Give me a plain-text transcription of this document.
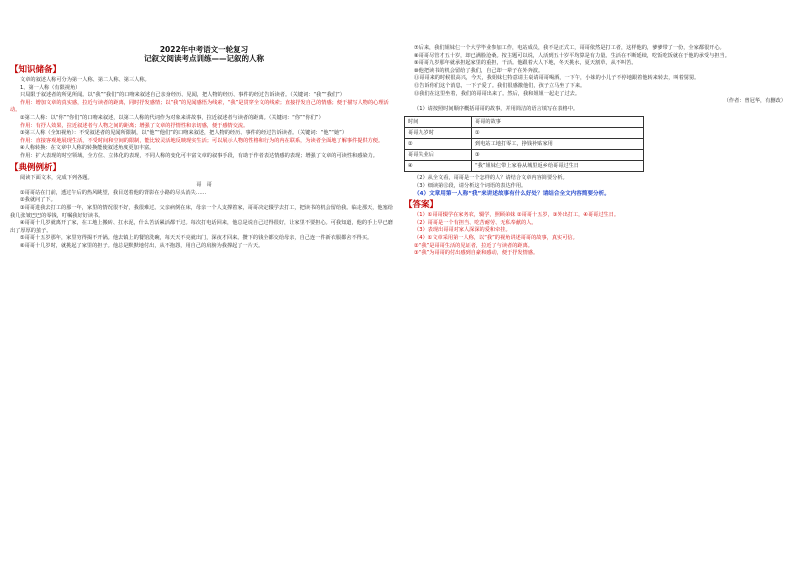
2022年中考语文一轮复习
记叙文阅读考点训练——记叙的人称
【知识储备】

文章的叙述人称可分为第一人称、第二人称、第三人称。

1、第一人称（有限视角）

只局限于叙述者的所见所闻。以“我”“我们”的口吻来叙述自己亲身经历、见闻，把人物的经历、事件的经过告诉读者。（关键词：“我”“我们”）

作用：增加文章的真实感，拉近与读者的距离，同时抒发感情；以“我”的见闻感悟为线索，“我”是贯穿全文的线索；直接抒发自己的情感；便于描写人物的心理活动。

②第二人称：以“你”“你们”的口吻来叙述，以第二人称的代词作为对象来讲故事，拉近叙述者与读者的距离。（关键词：“你”“你们”）

作用：有抒人效果，拉近叙述者与人物之间的距离；增强了文章的抒情性和亲切感，便于感情交流。

③第三人称（全知视角）：不受叙述者的见闻所限制，以“他”“他们”的口吻来叙述，把人物的经历、事件的经过告诉读者。（关键词：“他”“她”）

作用：直接客观地展现生活，不受时间和空间的限制，能比较灵活地反映现实生活；可以展示人物的性格和行为的内在联系，为读者全面地了解事件提供方便。

④人称转换：在文章中人称的转换能使叙述角度更加丰富。

作用：扩大表现的时空领域，全方位、立体化的表现，不同人称的变化可丰富文章的叙事手段，有助于作者表达情感的表现；增强了文章的可读性和感染力。

【典例例析】

阅读下面文本，完成下列各题。

哥　哥

①哥哥站在门前，透过午后的热风眺望，我目送着他的背影在小路的尽头消失……

②我就问了下。

③哥哥进我去打工的那一年，家里的情况很不好，我很难过。父亲病倒在床，母亲一个人支撑着家，哥哥决定辍学去打工，把读书的机会留给我。临走那天，他塞给我几张皱巴巴的零钱，叮嘱我好好读书。

④哥哥十几岁就离开了家，在工地上搬砖、扛水泥，什么苦活累活都干过。每次打电话回来，他总是说自己过得很好，让家里不要担心。可我知道，他的手上早已磨出了厚厚的茧子。

⑤哥哥十五岁那年，家里穷得揭不开锅。他去镇上的餐馆洗碗，每天天不亮就出门，深夜才回来。攒下的钱全都交给母亲，自己连一件新衣服都舍不得买。

⑥哥哥十几岁时，就挑起了家里的担子。他总是默默地付出，从不抱怨，用自己的肩膀为我撑起了一片天。

⑦后来，我们姐妹仨一个大学毕业参加工作，电站成员，我不是正式工，哥哥依然是打工者，这样他的，爹爹带了一份，全家都很开心。

⑧哥哥尽管才五十岁，却已满脸沧桑。按主题可以说，人活到五十岁平均算是有力量。生活在不断延续，吃饭吃饭就在于他的承受与担当。

⑨哥哥九岁那年就承担起家里的重担，干活。他跟着大人下地，冬天挑水，夏天割草，从不叫苦。

⑩他把读书的机会留给了我们，自己却一辈子在外奔波。

⑪哥哥来的时候很高兴，今天，我姐妹仨特意请主桌请哥哥喝酒，一下午，小妹的小儿子不停地跟着他转来转去，叫着舅舅。

⑫告诉你们这个消息，一下子爱了。我们很感激他们，孩子立马坐了下来。

⑬我们在这里坐着，我们的哥哥出来了。然后，我和姐姐一起走了过去。

（作者：曾冠华，有删改）

（1）请按照时间顺序概括哥哥的故事，并用简洁的语言填写在表格中。

时间	哥哥的故事
哥哥九岁时	①
②	到电站工地打零工，挣钱补贴家用
哥哥失业后	③
④	“我”姐妹仨带上家眷从城里返乡给哥哥过生日

（2）从全文看，哥哥是一个怎样的人？请结合文章内容简要分析。

（3）细读第⑫段，请分析这个词语的表达作用。

（4）文章用第一人称“我”来讲述故事有什么好处？请结合全文内容简要分析。

【答案】

（1）①哥哥辍学在家务农，辍学，照顾弟妹 ②哥哥十五岁，③外出打工，④哥哥过生日。

（2）哥哥是一个有担当、吃苦耐劳、无私奉献的人。

（3）表现出哥哥对家人深深的爱和牵挂。

（4）①文章采用第一人称，以“我”的视角讲述哥哥的故事，真实可信。

②“我”是哥哥生活的见证者，拉近了与读者的距离。

③“我”为哥哥的付出感到自豪和感动，便于抒发情感。
